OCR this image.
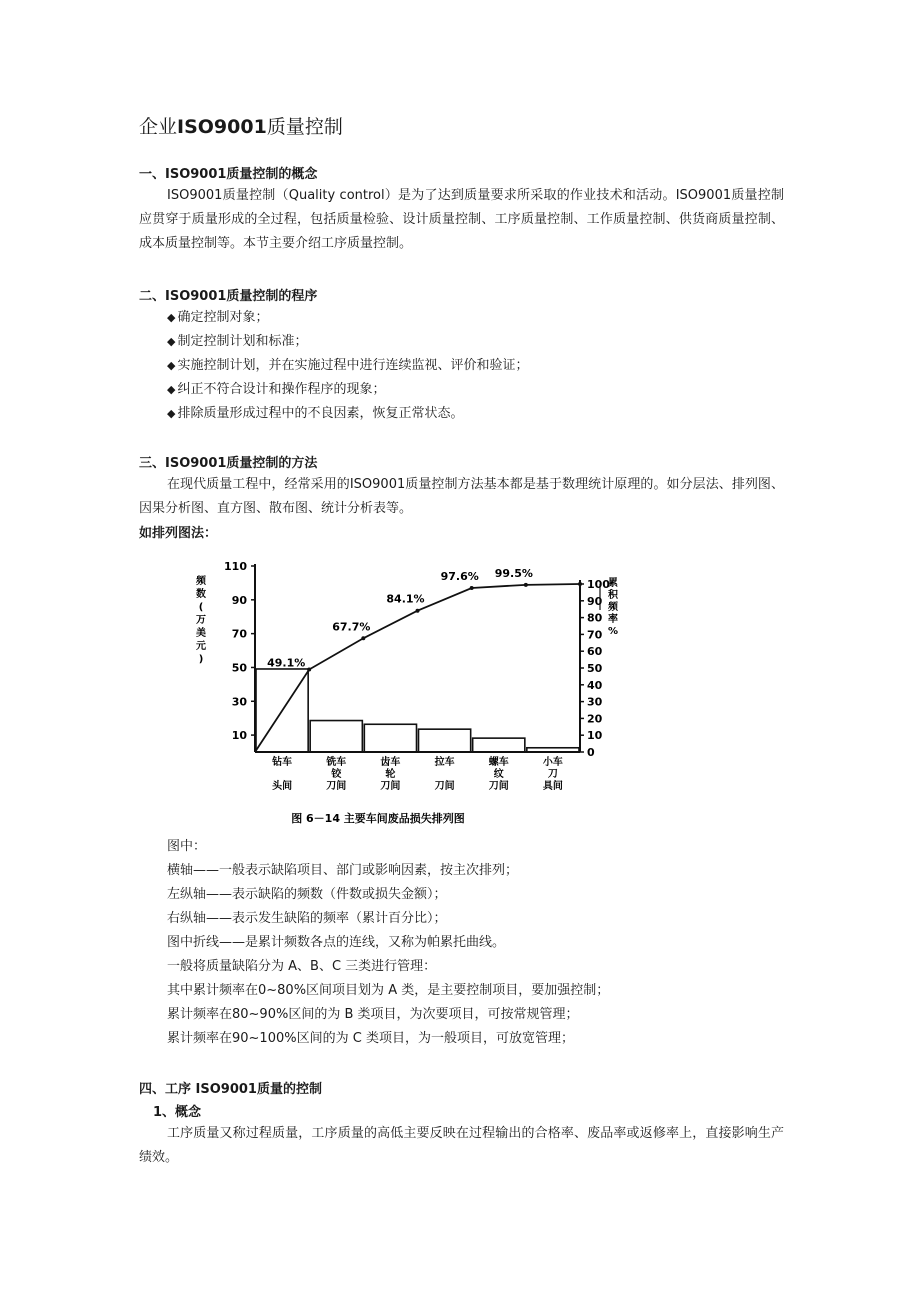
企业ISO9001质量控制
一、ISO9001质量控制的概念

ISO9001质量控制（Quality control）是为了达到质量要求所采取的作业技术和活动。ISO9001质量控制应贯穿于质量形成的全过程，包括质量检验、设计质量控制、工序质量控制、工作质量控制、供货商质量控制、成本质量控制等。本节主要介绍工序质量控制。

二、ISO9001质量控制的程序
◆ 确定控制对象；
◆ 制定控制计划和标准；
◆ 实施控制计划，并在实施过程中进行连续监视、评价和验证；
◆ 纠正不符合设计和操作程序的现象；
◆ 排除质量形成过程中的不良因素，恢复正常状态。
三、ISO9001质量控制的方法

在现代质量工程中，经常采用的ISO9001质量控制方法基本都是基于数理统计原理的。如分层法、排列图、因果分析图、直方图、散布图、统计分析表等。

如排列图法：
图中：
横轴——一般表示缺陷项目、部门或影响因素，按主次排列；
左纵轴——表示缺陷的频数（件数或损失金额）；
右纵轴——表示发生缺陷的频率（累计百分比）；
图中折线——是累计频数各点的连线，又称为帕累托曲线。
一般将质量缺陷分为 A、B、C 三类进行管理：
其中累计频率在0~80%区间项目划为 A 类，是主要控制项目，要加强控制；
累计频率在80~90%区间的为 B 类项目，为次要项目，可按常规管理；
累计频率在90~100%区间的为 C 类项目，为一般项目，可放宽管理；
四、工序 ISO9001质量的控制
1、概念

工序质量又称过程质量，工序质量的高低主要反映在过程输出的合格率、废品率或返修率上，直接影响生产绩效。

110
90
70
50
30
10
100
90
80
70
60
50
40
30
20
10
0
频
数
(
万
美
元
)
累
积
频
率
%
49.1%
67.7%
84.1%
97.6% 99.5%
钻车
头间
铣车
铰
刀间
齿车
轮
刀间
拉车
刀间
螺车
纹
刀间
小车
刀
具间
图 6－14 主要车间废品损失排列图
